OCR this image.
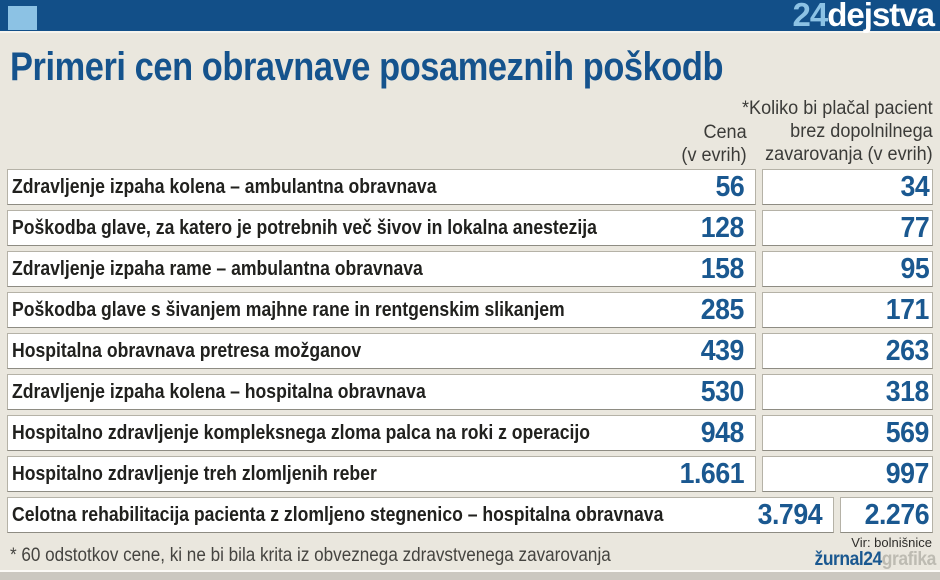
24dejstva
Primeri cen obravnave posameznih poškodb
Cena
(v evrih)
*Koliko bi plačal pacient
brez dopolnilnega
zavarovanja (v evrih)
Zdravljenje izpaha kolena – ambulantna obravnava	56	34
Poškodba glave, za katero je potrebnih več šivov in lokalna anestezija	128	77
Zdravljenje izpaha rame – ambulantna obravnava	158	95
Poškodba glave s šivanjem majhne rane in rentgenskim slikanjem	285	171
Hospitalna obravnava pretresa možganov	439	263
Zdravljenje izpaha kolena – hospitalna obravnava	530	318
Hospitalno zdravljenje kompleksnega zloma palca na roki z operacijo	948	569
Hospitalno zdravljenje treh zlomljenih reber	1.661	997
Celotna rehabilitacija pacienta z zlomljeno stegnenico – hospitalna obravnava	3.794 2.276
* 60 odstotkov cene, ki ne bi bila krita iz obveznega zdravstvenega zavarovanja
Vir: bolnišnice
žurnal24grafika
